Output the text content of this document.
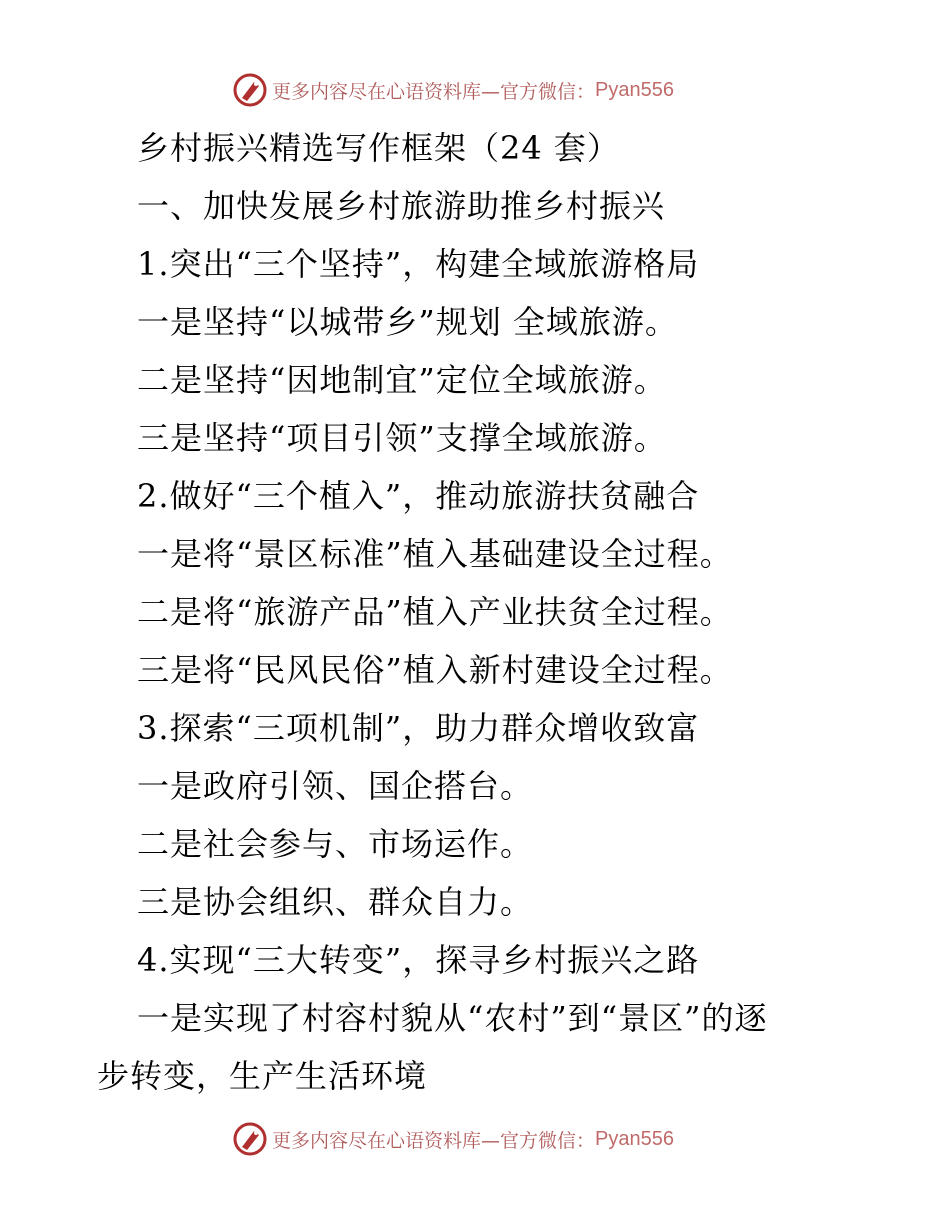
更多内容尽在心语资料库—官方微信： Pyan556
乡村振兴精选写作框架（24 套）
一、加快发展乡村旅游助推乡村振兴
1.突出“三个坚持”，构建全域旅游格局
一是坚持“以城带乡”规划 全域旅游。
二是坚持“因地制宜”定位全域旅游。
三是坚持“项目引领”支撑全域旅游。
2.做好“三个植入”，推动旅游扶贫融合
一是将“景区标准”植入基础建设全过程。
二是将“旅游产品”植入产业扶贫全过程。
三是将“民风民俗”植入新村建设全过程。
3.探索“三项机制”，助力群众增收致富
一是政府引领、国企搭台。
二是社会参与、市场运作。
三是协会组织、群众自力。
4.实现“三大转变”，探寻乡村振兴之路
一是实现了村容村貌从“农村”到“景区”的逐
步转变，生产生活环境
更多内容尽在心语资料库—官方微信： Pyan556
